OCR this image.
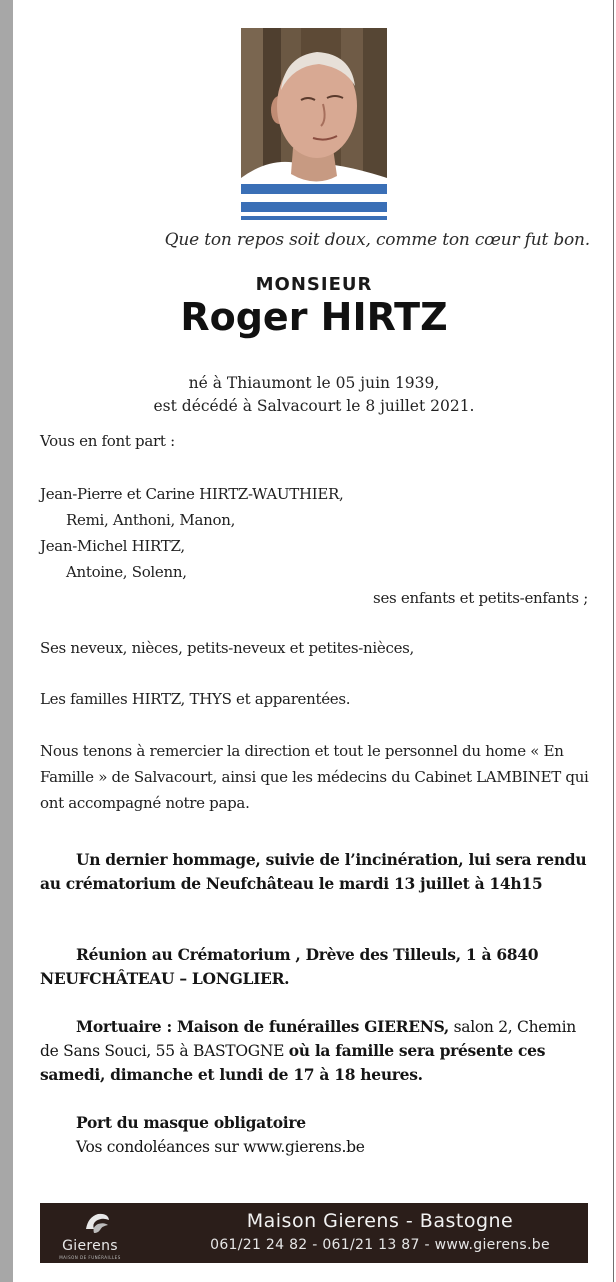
Que ton repos soit doux, comme ton cœur fut bon.
MONSIEUR
Roger HIRTZ
né à Thiaumont le 05 juin 1939,
est décédé à Salvacourt le 8 juillet 2021.
Vous en font part :
Jean-Pierre et Carine HIRTZ-WAUTHIER,
Remi, Anthoni, Manon,
Jean-Michel HIRTZ,
Antoine, Solenn,
ses enfants et petits-enfants ;
Ses neveux, nièces, petits-neveux et petites-nièces,
Les familles HIRTZ, THYS et apparentées.
Nous tenons à remercier la direction et tout le personnel du home « En Famille » de Salvacourt, ainsi que les médecins du Cabinet LAMBINET qui ont accompagné notre papa.
Un dernier hommage, suivie de l’incinération, lui sera rendu au crématorium de Neufchâteau le mardi 13 juillet à 14h15
Réunion au Crématorium , Drève des Tilleuls, 1 à 6840 NEUFCHÂTEAU – LONGLIER.
Mortuaire : Maison de funérailles GIERENS, salon 2, Chemin de Sans Souci, 55 à BASTOGNE où la famille sera présente ces samedi, dimanche et lundi de 17 à 18 heures.
Port du masque obligatoire
Vos condoléances sur www.gierens.be
Gierens
MAISON DE FUNÉRAILLES
Maison Gierens - Bastogne
061/21 24 82 - 061/21 13 87 - www.gierens.be
